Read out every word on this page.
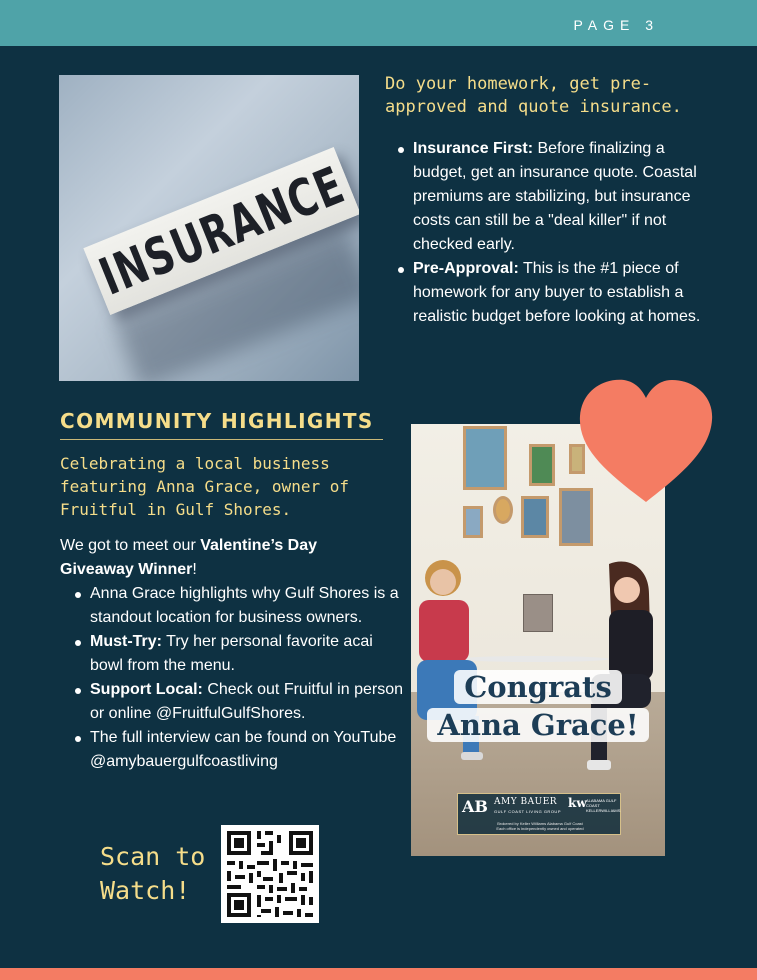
PAGE 3
INSURANCE
Do your homework, get pre-approved and quote insurance.
Insurance First: Before finalizing a budget, get an insurance quote. Coastal premiums are stabilizing, but insurance costs can still be a "deal killer" if not checked early.
Pre-Approval: This is the #1 piece of homework for any buyer to establish a realistic budget before looking at homes.
COMMUNITY HIGHLIGHTS
Celebrating a local business featuring Anna Grace, owner of Fruitful in Gulf Shores.
We got to meet our Valentine’s Day Giveaway Winner!
Anna Grace highlights why Gulf Shores is a standout location for business owners.
Must-Try: Try her personal favorite acai bowl from the menu.
Support Local: Check out Fruitful in person or online @FruitfulGulfShores.
The full interview can be found on YouTube @amybauergulfcoastliving
Scan to Watch!
Congrats
Anna Grace!
AB AMY BAUER
GULF COAST LIVING GROUP
kw ALABAMA GULF COAST KELLERWILLIAMS
Brokered by Keller Williams Alabama Gulf Coast
Each office is independently owned and operated
